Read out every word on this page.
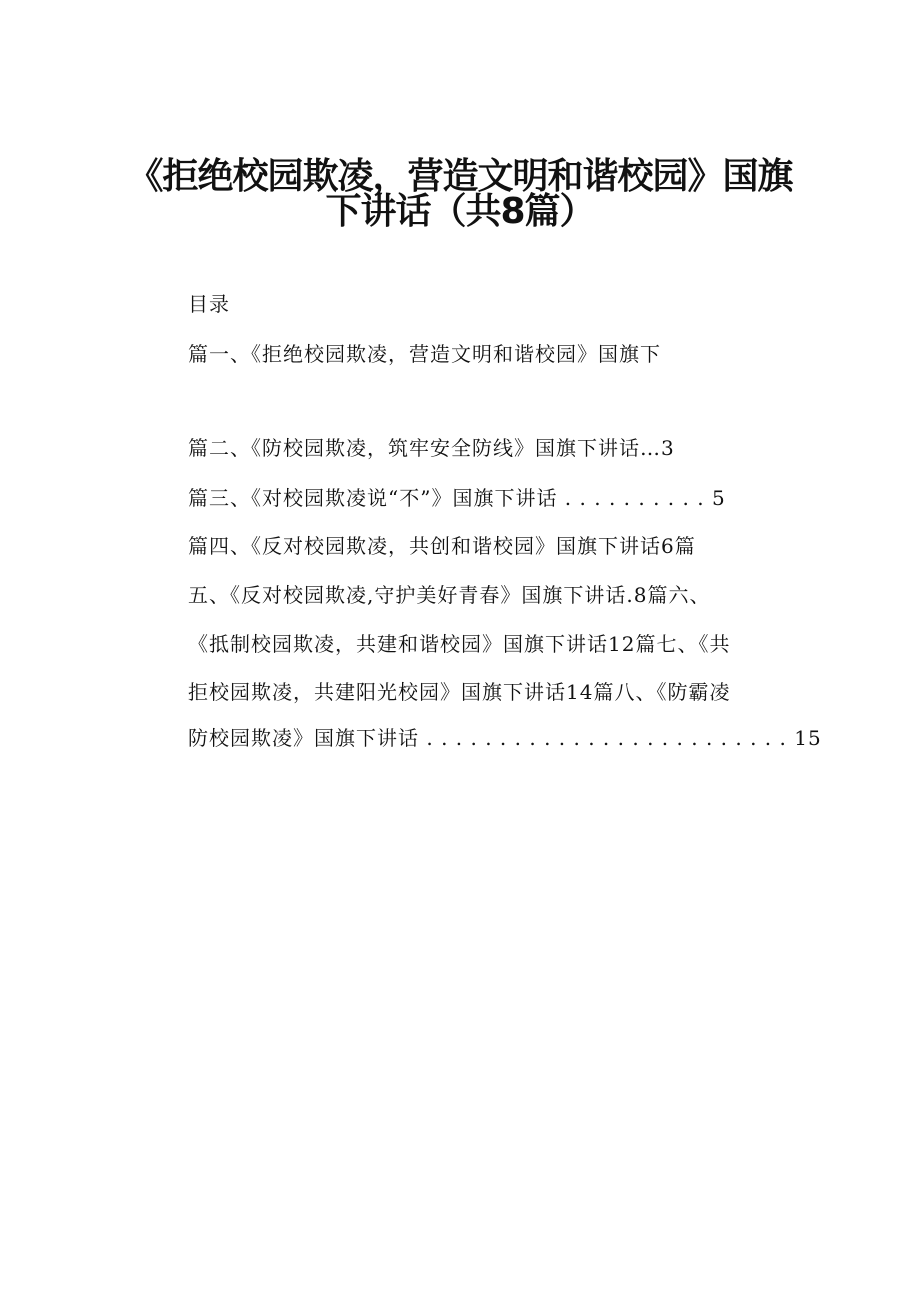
《拒绝校园欺凌，营造文明和谐校园》国旗
下讲话（共8篇）
目录
篇一、《拒绝校园欺凌，营造文明和谐校园》国旗下
篇二、《防校园欺凌，筑牢安全防线》国旗下讲话…3
篇三、《对校园欺凌说“不”》国旗下讲话 . . . . . . . . . . 5
篇四、《反对校园欺凌，共创和谐校园》国旗下讲话6篇
五、《反对校园欺凌,守护美好青春》国旗下讲话.8篇六、
《抵制校园欺凌，共建和谐校园》国旗下讲话12篇七、《共
拒校园欺凌，共建阳光校园》国旗下讲话14篇八、《防霸凌
防校园欺凌》国旗下讲话 . . . . . . . . . . . . . . . . . . . . . . . . . 15
